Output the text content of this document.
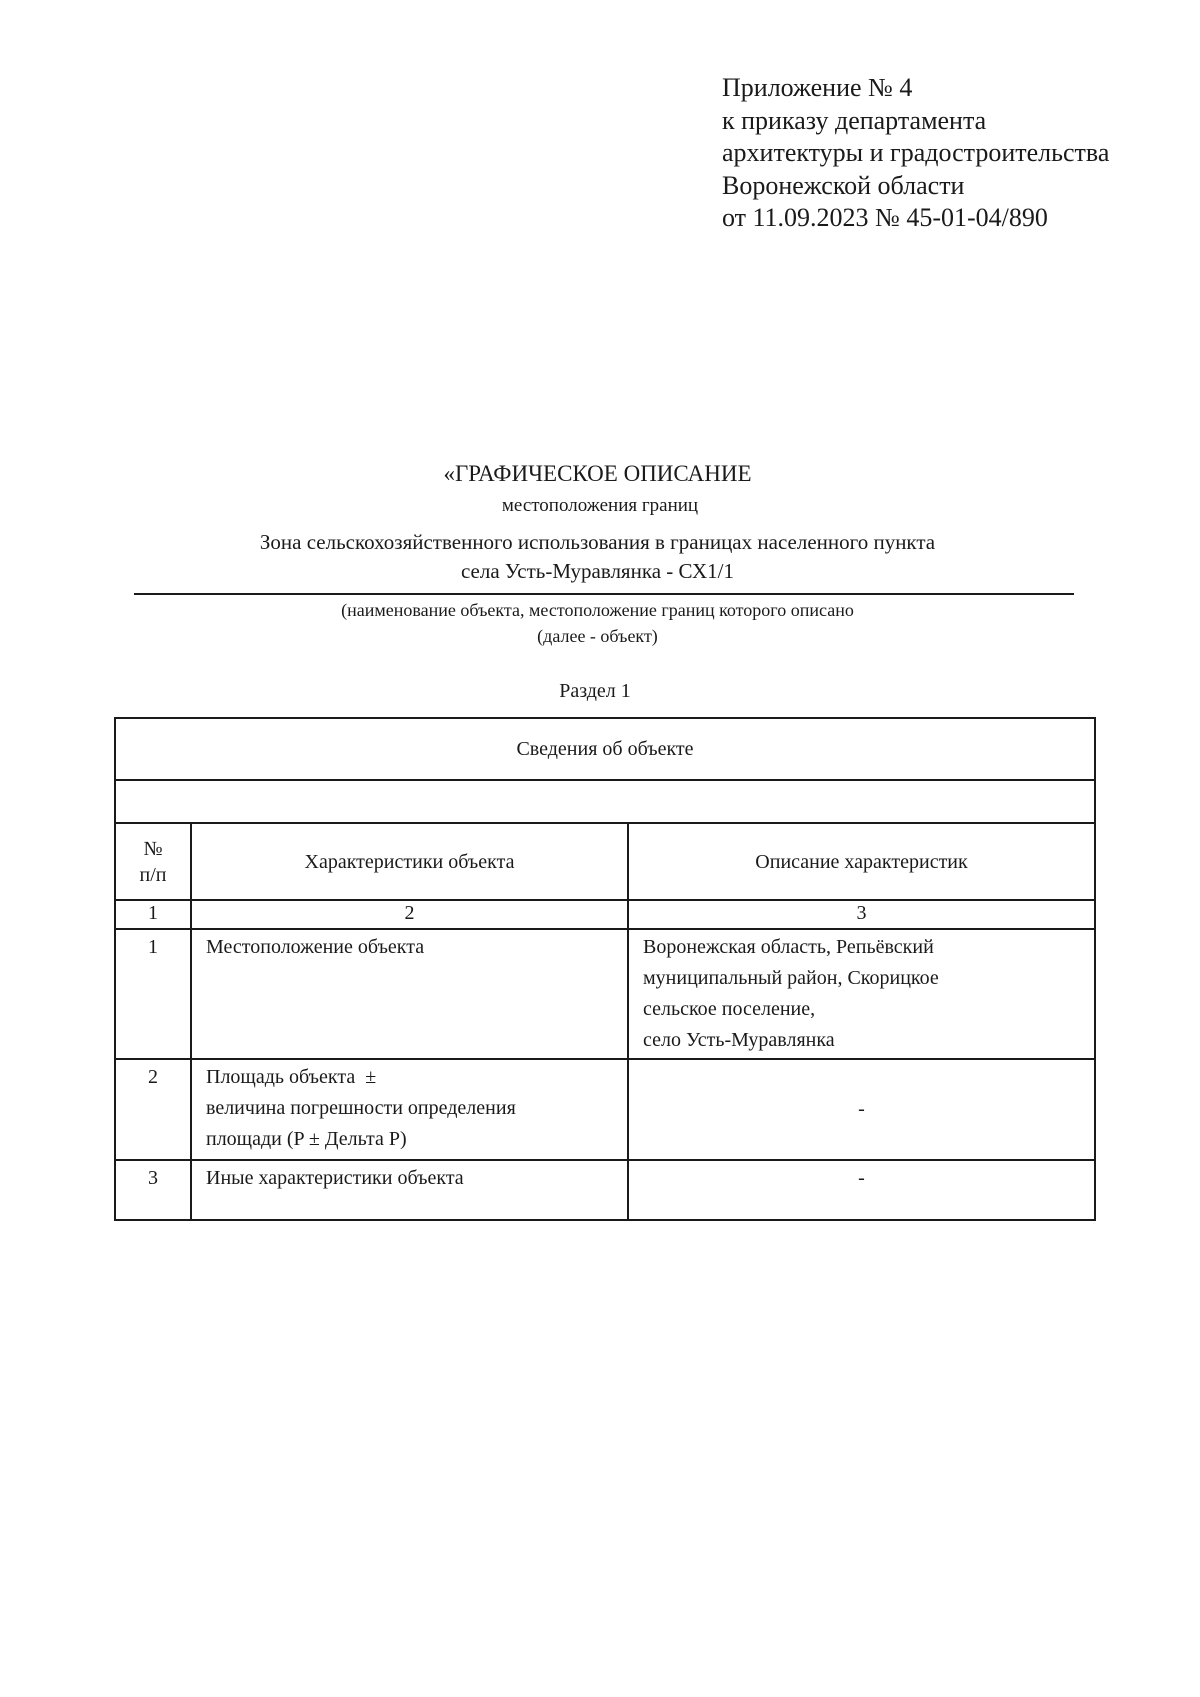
Приложение № 4
к приказу департамента
архитектуры и градостроительства
Воронежской области
от 11.09.2023 № 45-01-04/890
«ГРАФИЧЕСКОЕ ОПИСАНИЕ
местоположения границ
Зона сельскохозяйственного использования в границах населенного пункта
села Усть-Муравлянка - СХ1/1
(наименование объекта, местоположение границ которого описано
(далее - объект)
Раздел 1
Сведения об объекте		

№
п/п	Характеристики объекта	Описание характеристик
1	2	3
1	Местоположение объекта	Воронежская область, Репьёвский
муниципальный район, Скорицкое
сельское поселение,
село Усть-Муравлянка

2	Площадь объекта  ±
величина погрешности определения
площади (P ± Дельта P)	-
3	Иные характеристики объекта	-
